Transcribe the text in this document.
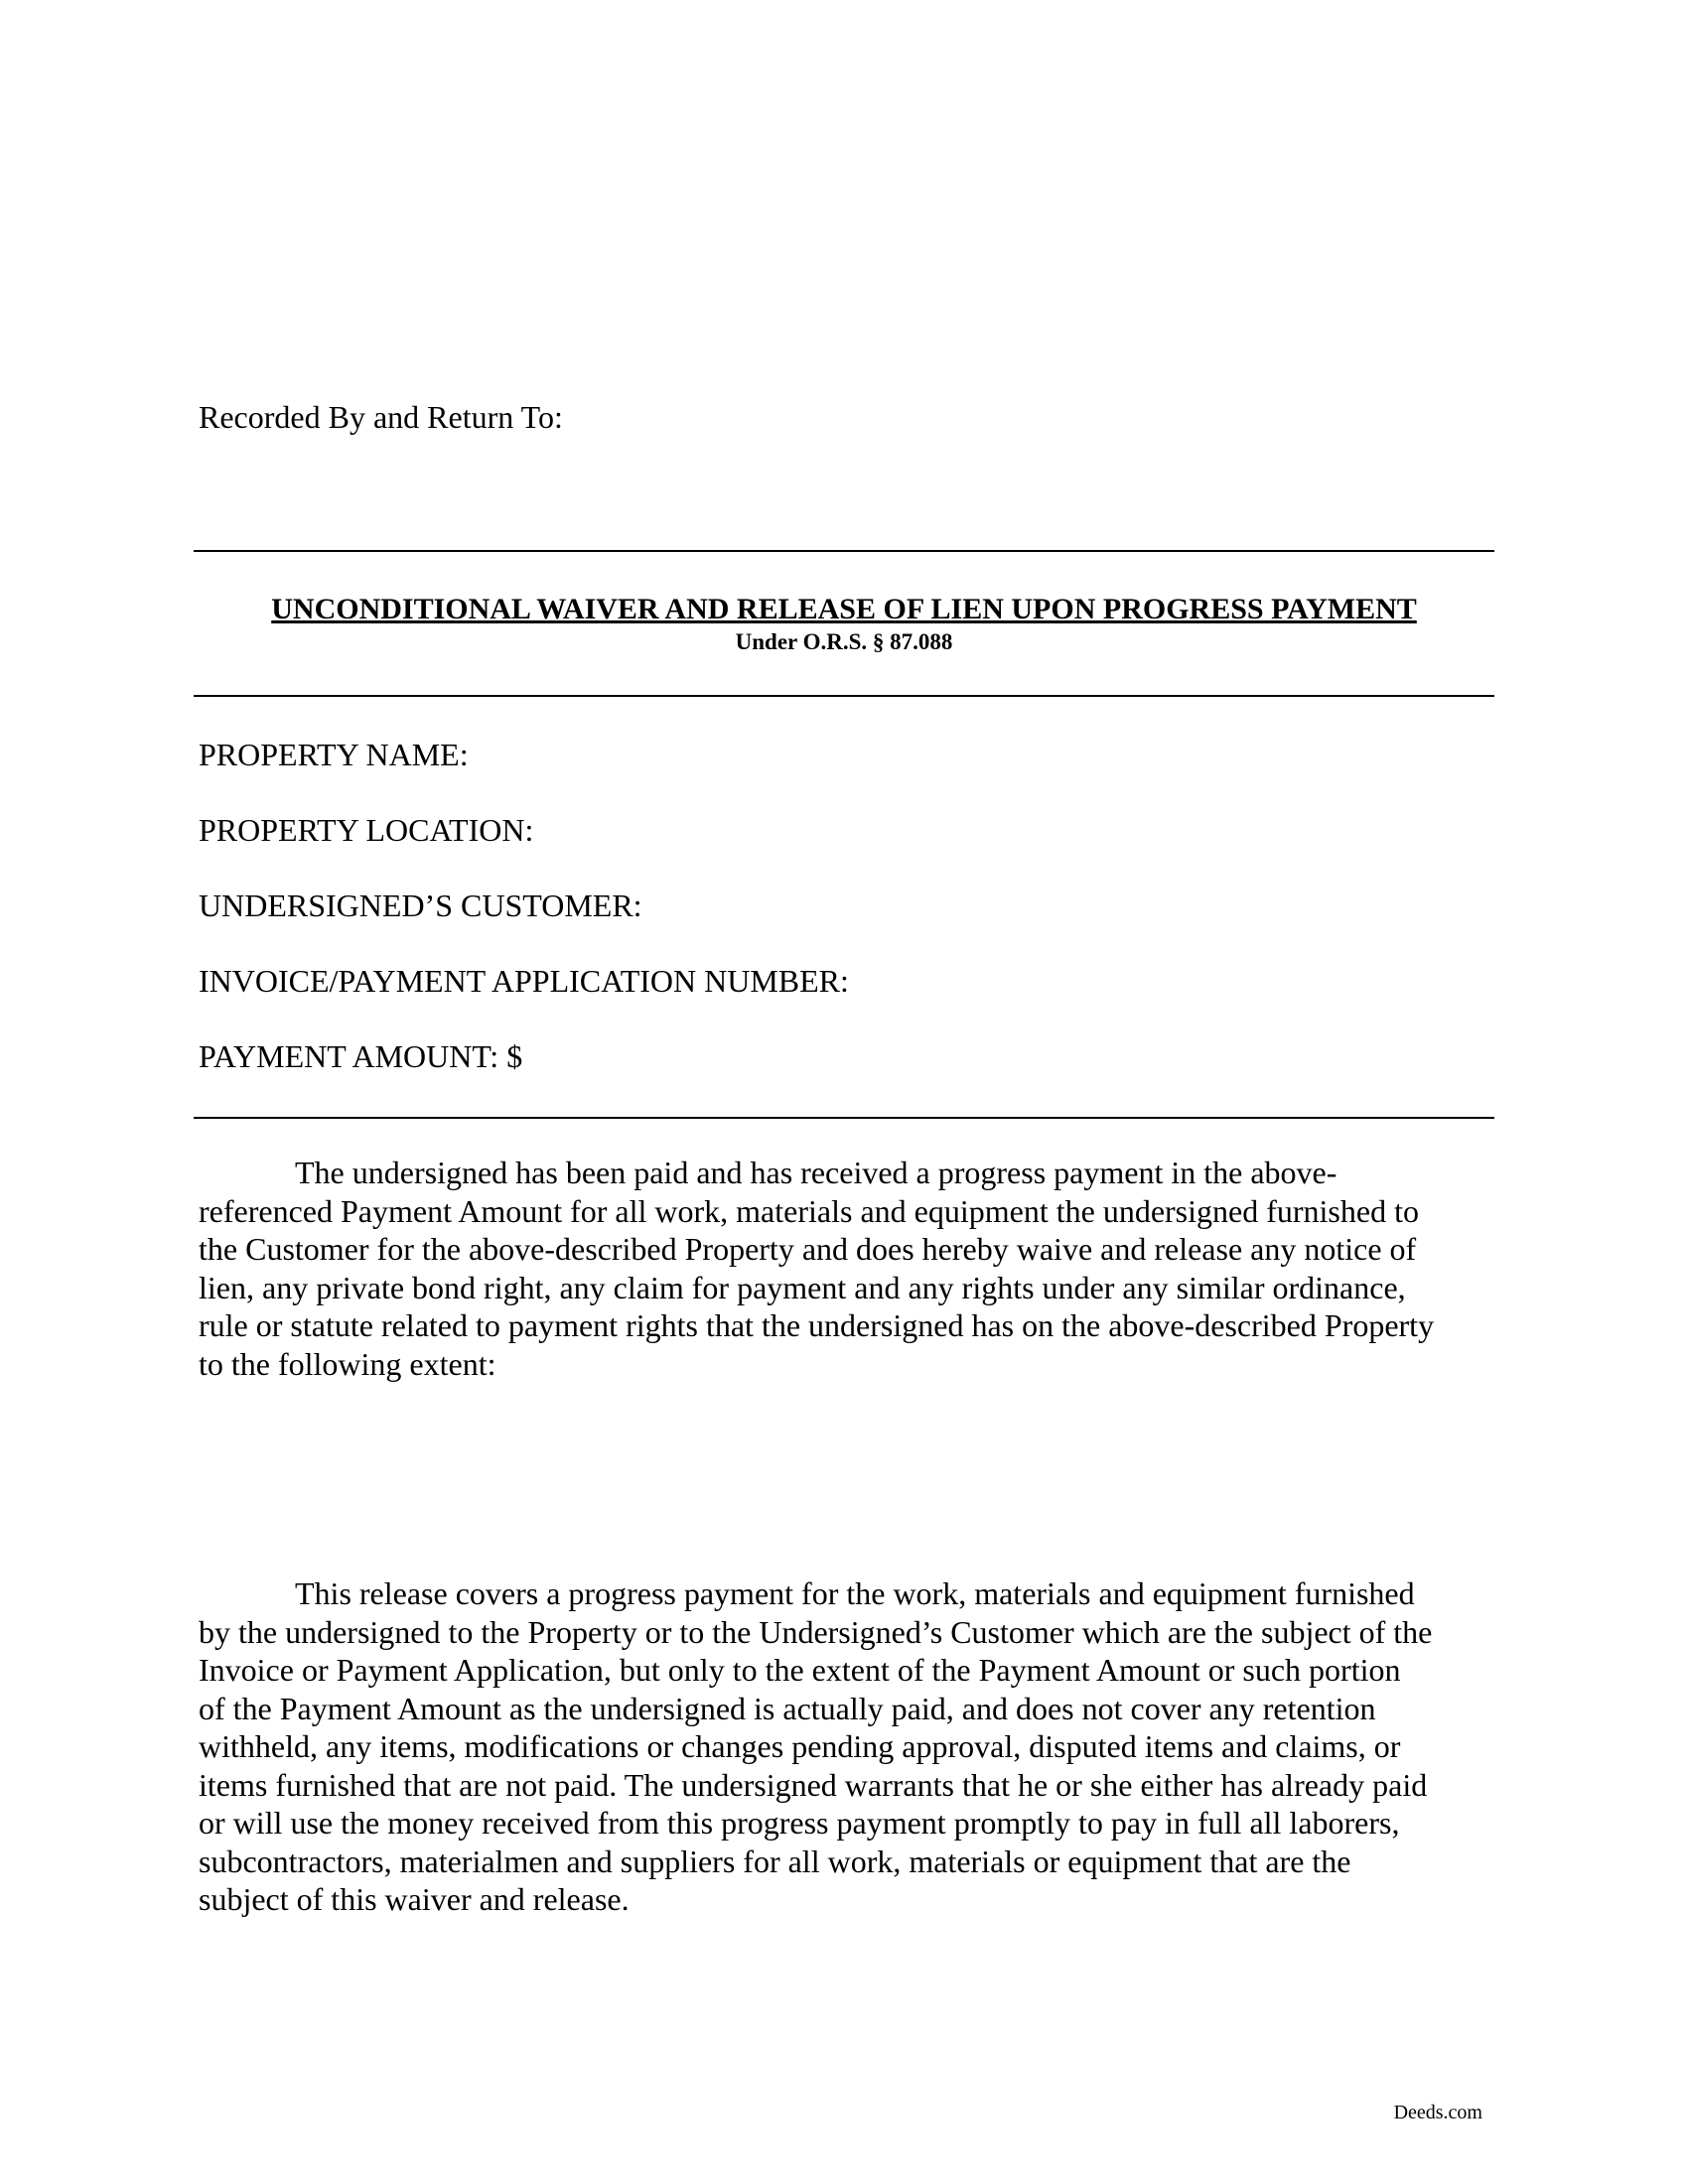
Recorded By and Return To:
UNCONDITIONAL WAIVER AND RELEASE OF LIEN UPON PROGRESS PAYMENT
Under O.R.S. § 87.088
PROPERTY NAME:
PROPERTY LOCATION:
UNDERSIGNED’S CUSTOMER:
INVOICE/PAYMENT APPLICATION NUMBER:
PAYMENT AMOUNT: $
The undersigned has been paid and has received a progress payment in the above-
referenced Payment Amount for all work, materials and equipment the undersigned furnished to
the Customer for the above-described Property and does hereby waive and release any notice of
lien, any private bond right, any claim for payment and any rights under any similar ordinance,
rule or statute related to payment rights that the undersigned has on the above-described Property
to the following extent:
This release covers a progress payment for the work, materials and equipment furnished
by the undersigned to the Property or to the Undersigned’s Customer which are the subject of the
Invoice or Payment Application, but only to the extent of the Payment Amount or such portion
of the Payment Amount as the undersigned is actually paid, and does not cover any retention
withheld, any items, modifications or changes pending approval, disputed items and claims, or
items furnished that are not paid. The undersigned warrants that he or she either has already paid
or will use the money received from this progress payment promptly to pay in full all laborers,
subcontractors, materialmen and suppliers for all work, materials or equipment that are the
subject of this waiver and release.
Deeds.com
